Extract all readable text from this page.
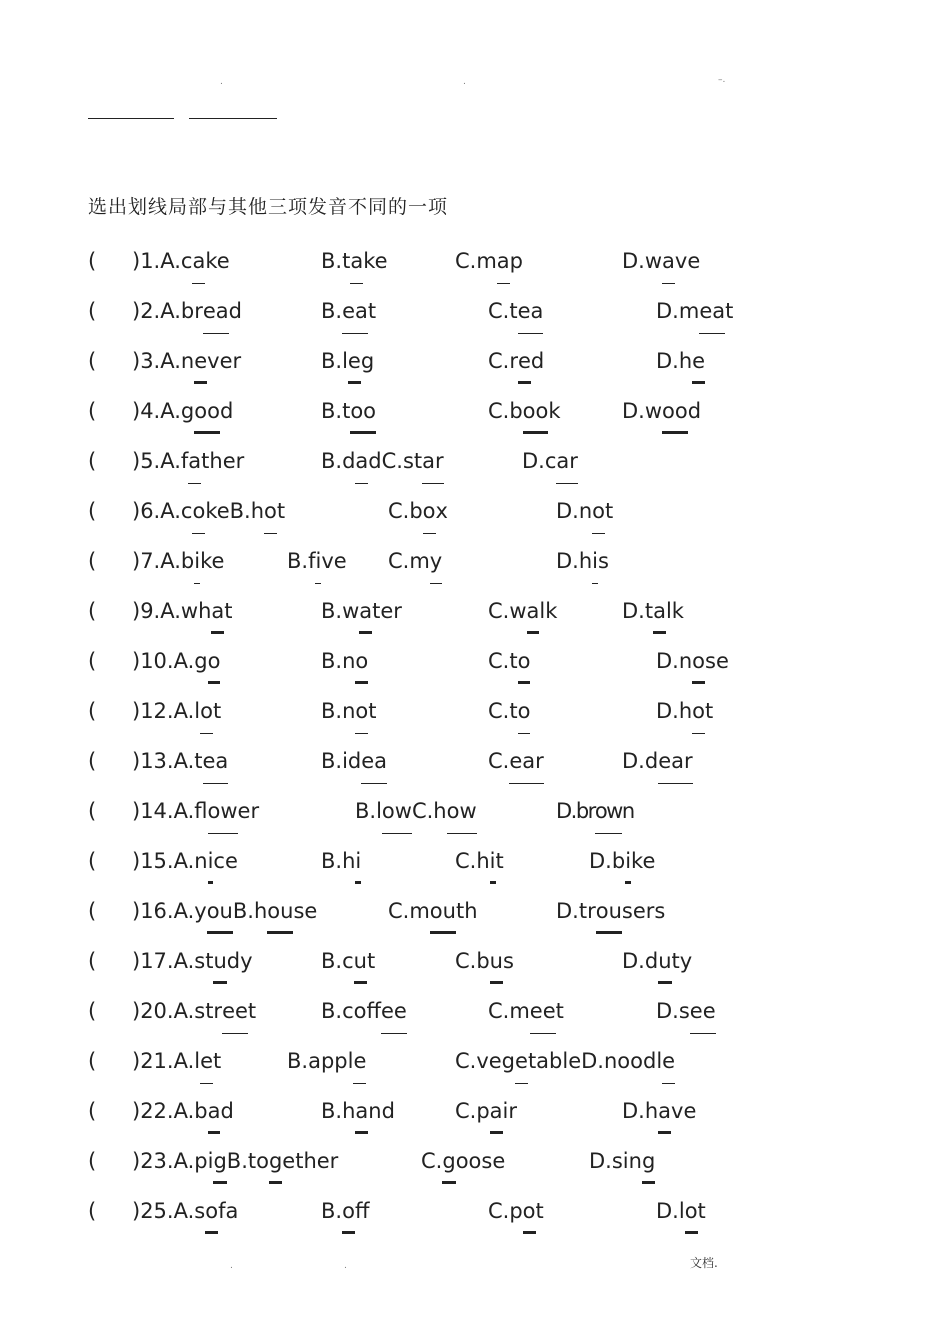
.	.	–.
选出划线局部与其他三项发音不同的一项
( )1.A.cake	B.take	C.map	D.wave
( )2.A.bread	B.eat	C.tea	D.meat
( )3.A.never	B.leg	C.red	D.he
( )4.A.good	B.too	C.book	D.wood
( )5.A.father	B.dadC.star	D.car
( )6.A.cokeB.hot	C.box	D.not
( )7.A.bike	B.five C.my	D.his
( )9.A.what	B.water	C.walk	D.talk
( )10.A.go	B.no	C.to	D.nose
( )12.A.lot	B.not	C.to	D.hot
( )13.A.tea	B.idea	C.ear	D.dear
( )14.A.flower	B.lowC.how	D.brown
( )15.A.nice	B.hi	C.hit	D.bike
( )16.A.youB.house	C.mouth	D.trousers
( )17.A.study	B.cut	C.bus	D.duty
( )20.A.street	B.coffee	C.meet	D.see
( )21.A.let	B.apple	C.vegetableD.noodle
( )22.A.bad	B.hand	C.pair	D.have
( )23.A.pigB.together	C.goose	D.sing
( )25.A.sofa	B.off	C.pot	D.lot
.	.	文档.
